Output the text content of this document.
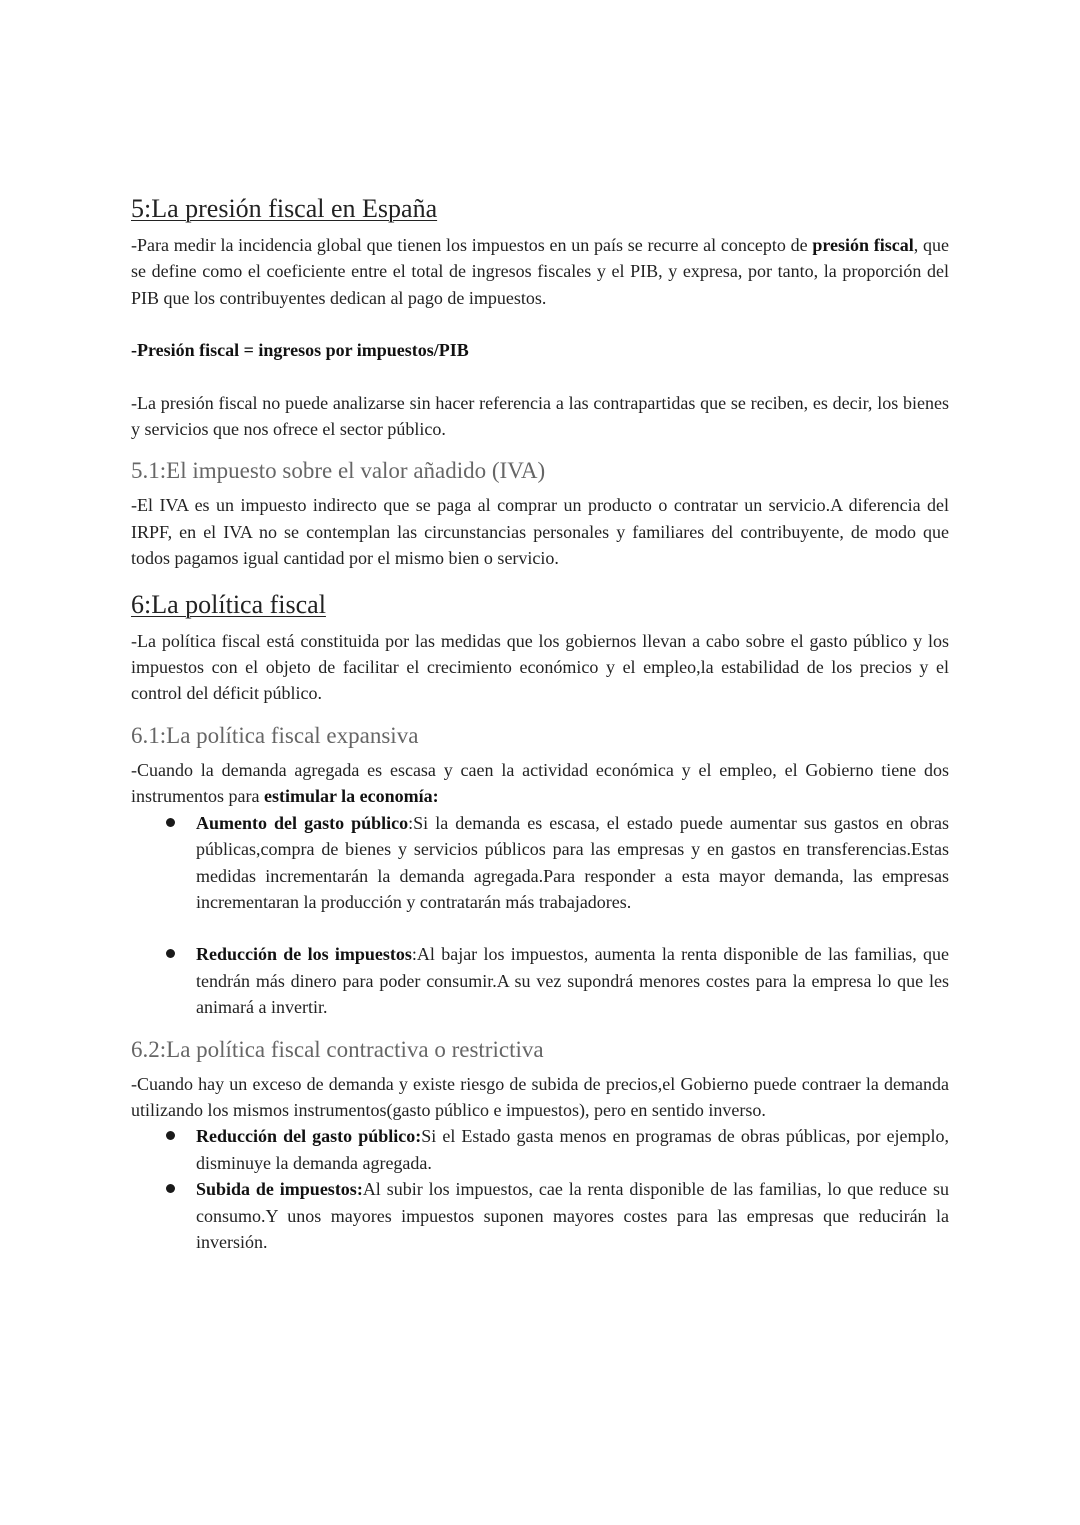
5:La presión fiscal en España

-Para medir la incidencia global que tienen los impuestos en un país se recurre al concepto de presión fiscal, que se define como el coeficiente entre el total de ingresos fiscales y el PIB, y expresa, por tanto, la proporción del PIB que los contribuyentes dedican al pago de impuestos.

-Presión fiscal = ingresos por impuestos/PIB

-La presión fiscal no puede analizarse sin hacer referencia a las contrapartidas que se reciben, es decir, los bienes y servicios que nos ofrece el sector público.

5.1:El impuesto sobre el valor añadido (IVA)

-El IVA es un impuesto indirecto que se paga al comprar un producto o contratar un servicio.A diferencia del IRPF, en el IVA no se contemplan las circunstancias personales y familiares del contribuyente, de modo que todos pagamos igual cantidad por el mismo bien o servicio.

6:La política fiscal

-La política fiscal está constituida por las medidas que los gobiernos llevan a cabo sobre el gasto público y los impuestos con el objeto de facilitar el crecimiento económico y el empleo,la estabilidad de los precios y el control del déficit público.

6.1:La política fiscal expansiva

-Cuando la demanda agregada es escasa y caen la actividad económica y el empleo, el Gobierno tiene dos instrumentos para estimular la economía:

Aumento del gasto público:Si la demanda es escasa, el estado puede aumentar sus gastos en obras públicas,compra de bienes y servicios públicos para las empresas y en gastos en transferencias.Estas medidas incrementarán la demanda agregada.Para responder a esta mayor demanda, las empresas incrementaran la producción y contratarán más trabajadores.
Reducción de los impuestos:Al bajar los impuestos, aumenta la renta disponible de las familias, que tendrán más dinero para poder consumir.A su vez supondrá menores costes para la empresa lo que les animará a invertir.
6.2:La política fiscal contractiva o restrictiva

-Cuando hay un exceso de demanda y existe riesgo de subida de precios,el Gobierno puede contraer la demanda utilizando los mismos instrumentos(gasto público e impuestos), pero en sentido inverso.

Reducción del gasto público:Si el Estado gasta menos en programas de obras públicas, por ejemplo, disminuye la demanda agregada.
Subida de impuestos:Al subir los impuestos, cae la renta disponible de las familias, lo que reduce su consumo.Y unos mayores impuestos suponen mayores costes para las empresas que reducirán la inversión.
